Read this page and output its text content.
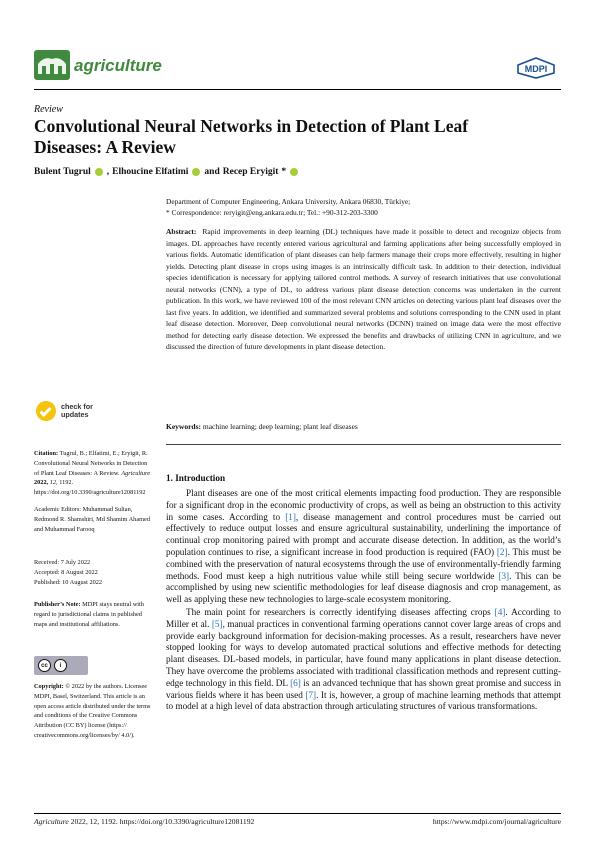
agriculture	MDPI
Review
Convolutional Neural Networks in Detection of Plant Leaf Diseases: A Review
Bulent Tugrul , Elhoucine Elfatimi and Recep Eryigit *
Department of Computer Engineering, Ankara University, Ankara 06830, Türkiye;
* Correspondence: reryigit@eng.ankara.edu.tr; Tel.: +90-312-203-3300
Abstract: Rapid improvements in deep learning (DL) techniques have made it possible to detect and recognize objects from images. DL approaches have recently entered various agricultural and farming applications after being successfully employed in various fields. Automatic identification of plant diseases can help farmers manage their crops more effectively, resulting in higher yields. Detecting plant disease in crops using images is an intrinsically difficult task. In addition to their detection, individual species identification is necessary for applying tailored control methods. A survey of research initiatives that use convolutional neural networks (CNN), a type of DL, to address various plant disease detection concerns was undertaken in the current publication. In this work, we have reviewed 100 of the most relevant CNN articles on detecting various plant leaf diseases over the last five years. In addition, we identified and summarized several problems and solutions corresponding to the CNN used in plant leaf disease detection. Moreover, Deep convolutional neural networks (DCNN) trained on image data were the most effective method for detecting early disease detection. We expressed the benefits and drawbacks of utilizing CNN in agriculture, and we discussed the direction of future developments in plant disease detection.
Keywords: machine learning; deep learning; plant leaf diseases
1. Introduction

Plant diseases are one of the most critical elements impacting food production. They are responsible for a significant drop in the economic productivity of crops, as well as being an obstruction to this activity in some cases. According to [1], disease management and control procedures must be carried out effectively to reduce output losses and ensure agricultural sustainability, underlining the importance of continual crop monitoring paired with prompt and accurate disease detection. In addition, as the world’s population continues to rise, a significant increase in food production is required (FAO) [2]. This must be combined with the preservation of natural ecosystems through the use of environmentally-friendly farming methods. Food must keep a high nutritious value while still being secure worldwide [3]. This can be accomplished by using new scientific methodologies for leaf disease diagnosis and crop management, as well as applying these new technologies to large-scale ecosystem monitoring.

The main point for researchers is correctly identifying diseases affecting crops [4]. According to Miller et al. [5], manual practices in conventional farming operations cannot cover large areas of crops and provide early background information for decision-making processes. As a result, researchers have never stopped looking for ways to develop automated practical solutions and effective methods for detecting plant diseases. DL-based models, in particular, have found many applications in plant disease detection. They have overcome the problems associated with traditional classification methods and represent cutting-edge technology in this field. DL [6] is an advanced technique that has shown great promise and success in various fields where it has been used [7]. It is, however, a group of machine learning methods that attempt to model at a high level of data abstraction through articulating structures of various transformations.

check for
updates
Citation: Tugrul, B.; Elfatimi, E.; Eryigit, R. Convolutional Neural Networks in Detection of Plant Leaf Diseases: A Review. Agriculture 2022, 12, 1192. https://doi.org/10.3390/agriculture12081192
Academic Editors: Muhammad Sultan, Redmond R. Shamshiri, Md Shamim Ahamed and Muhammad Farooq
Received: 7 July 2022
Accepted: 8 August 2022
Published: 10 August 2022
Publisher’s Note: MDPI stays neutral with regard to jurisdictional claims in published maps and institutional affiliations.
cc	i
Copyright: © 2022 by the authors. Licensee MDPI, Basel, Switzerland. This article is an open access article distributed under the terms and conditions of the Creative Commons Attribution (CC BY) license (https:// creativecommons.org/licenses/by/ 4.0/).
Agriculture 2022, 12, 1192. https://doi.org/10.3390/agriculture12081192	https://www.mdpi.com/journal/agriculture
